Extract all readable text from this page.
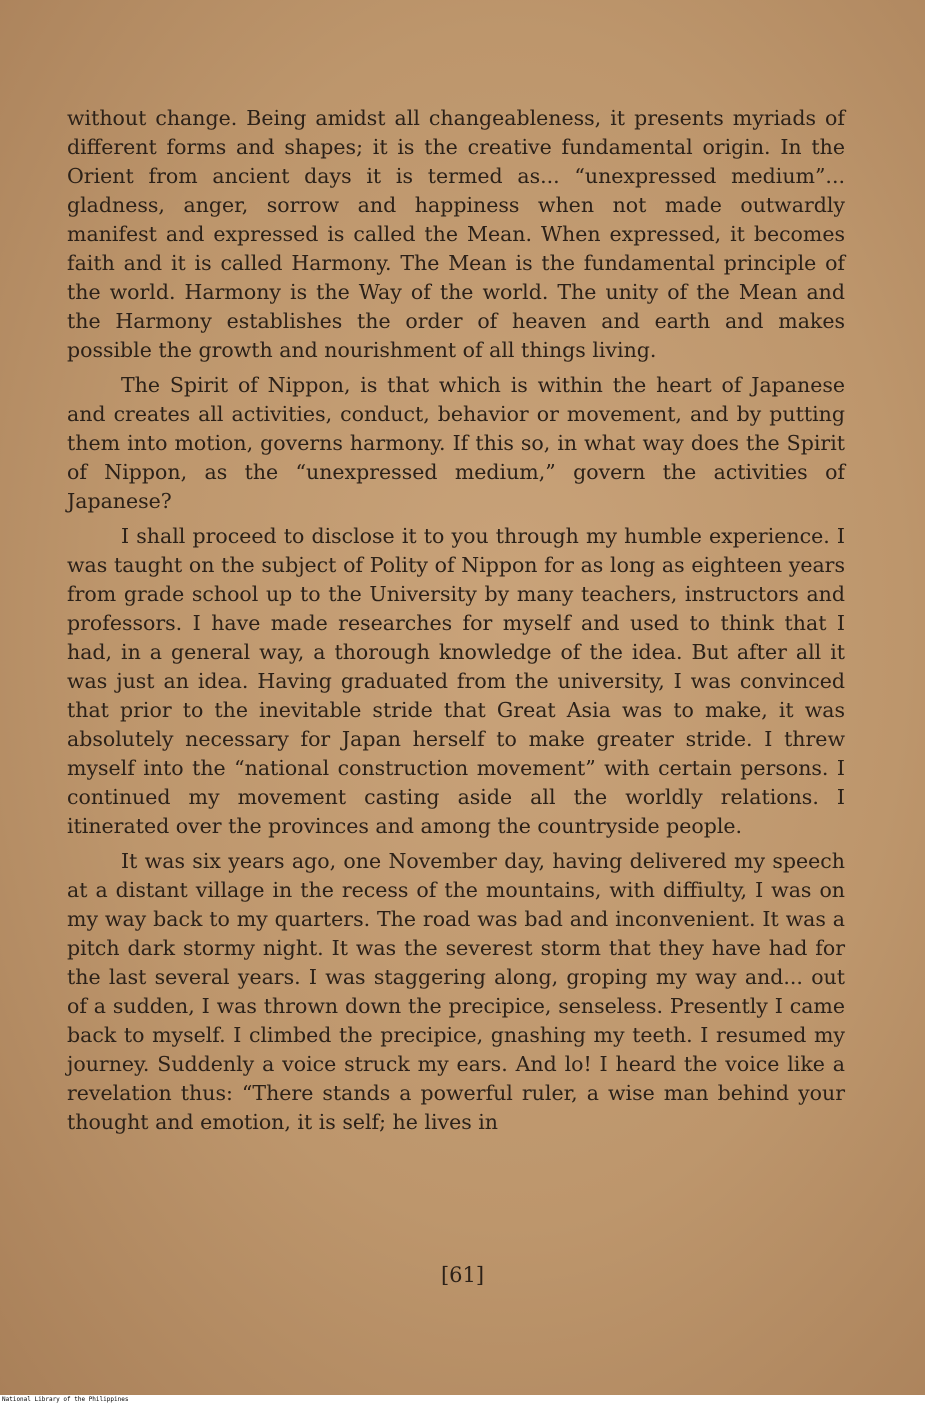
without change. Being amidst all changeableness, it presents myriads of different forms and shapes; it is the creative fundamental origin. In the Orient from ancient days it is termed as... “unexpressed medium”... gladness, anger, sorrow and happiness when not made outwardly manifest and expressed is called the Mean. When expressed, it becomes faith and it is called Harmony. The Mean is the fundamental principle of the world. Harmony is the Way of the world. The unity of the Mean and the Harmony establishes the order of heaven and earth and makes possible the growth and nourishment of all things living.

The Spirit of Nippon, is that which is within the heart of Japanese and creates all activities, conduct, behavior or movement, and by putting them into motion, governs harmony. If this so, in what way does the Spirit of Nippon, as the “unexpressed medium,” govern the activities of Japanese?

I shall proceed to disclose it to you through my humble experience. I was taught on the subject of Polity of Nippon for as long as eighteen years from grade school up to the University by many teachers, instructors and professors. I have made researches for myself and used to think that I had, in a general way, a thorough knowledge of the idea. But after all it was just an idea. Having graduated from the university, I was convinced that prior to the inevitable stride that Great Asia was to make, it was absolutely necessary for Japan herself to make greater stride. I threw myself into the “national construction movement” with certain persons. I continued my movement casting aside all the worldly relations. I itinerated over the provinces and among the countryside people.

It was six years ago, one November day, having delivered my speech at a distant village in the recess of the mountains, with diffiulty, I was on my way back to my quarters. The road was bad and inconvenient. It was a pitch dark stormy night. It was the severest storm that they have had for the last several years. I was staggering along, groping my way and... out of a sudden, I was thrown down the precipice, senseless. Presently I came back to myself. I climbed the precipice, gnashing my teeth. I resumed my journey. Suddenly a voice struck my ears. And lo! I heard the voice like a revelation thus: “There stands a powerful ruler, a wise man behind your thought and emotion, it is self; he lives in

[61]
National Library of the Philippines
